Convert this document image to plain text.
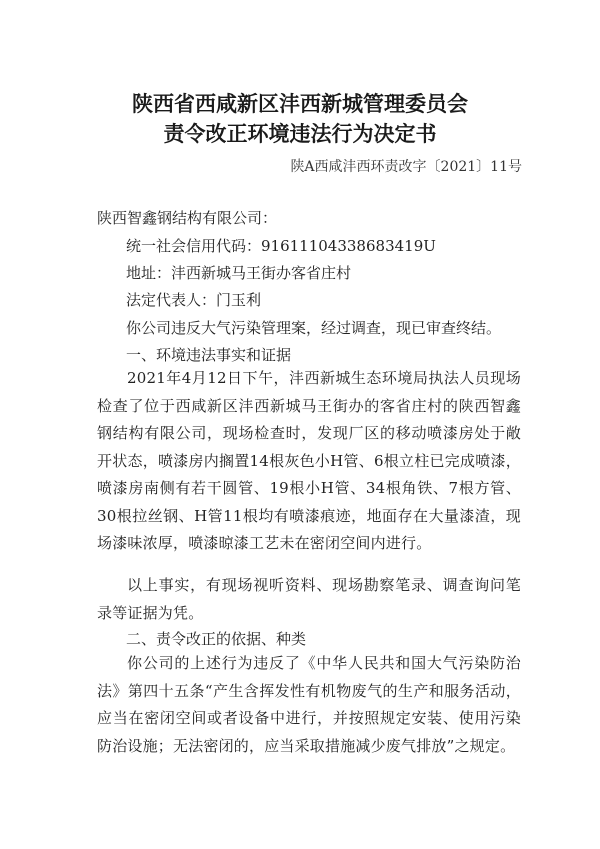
陕西省西咸新区沣西新城管理委员会
责令改正环境违法行为决定书
陕A西咸沣西环责改字〔2021〕11号
陕西智鑫钢结构有限公司：
统一社会信用代码：91611104338683419U
地址：沣西新城马王街办客省庄村
法定代表人：门玉利
你公司违反大气污染管理案，经过调查，现已审查终结。
一、环境违法事实和证据
2021年4月12日下午，沣西新城生态环境局执法人员现场检查了位于西咸新区沣西新城马王街办的客省庄村的陕西智鑫钢结构有限公司，现场检查时，发现厂区的移动喷漆房处于敞开状态，喷漆房内搁置14根灰色小H管、6根立柱已完成喷漆，喷漆房南侧有若干圆管、19根小H管、34根角铁、7根方管、30根拉丝钢、H管11根均有喷漆痕迹，地面存在大量漆渣，现场漆味浓厚，喷漆晾漆工艺未在密闭空间内进行。
以上事实，有现场视听资料、现场勘察笔录、调查询问笔录等证据为凭。
二、责令改正的依据、种类
你公司的上述行为违反了《中华人民共和国大气污染防治法》第四十五条“产生含挥发性有机物废气的生产和服务活动，应当在密闭空间或者设备中进行，并按照规定安装、使用污染防治设施；无法密闭的，应当采取措施减少废气排放”之规定。
